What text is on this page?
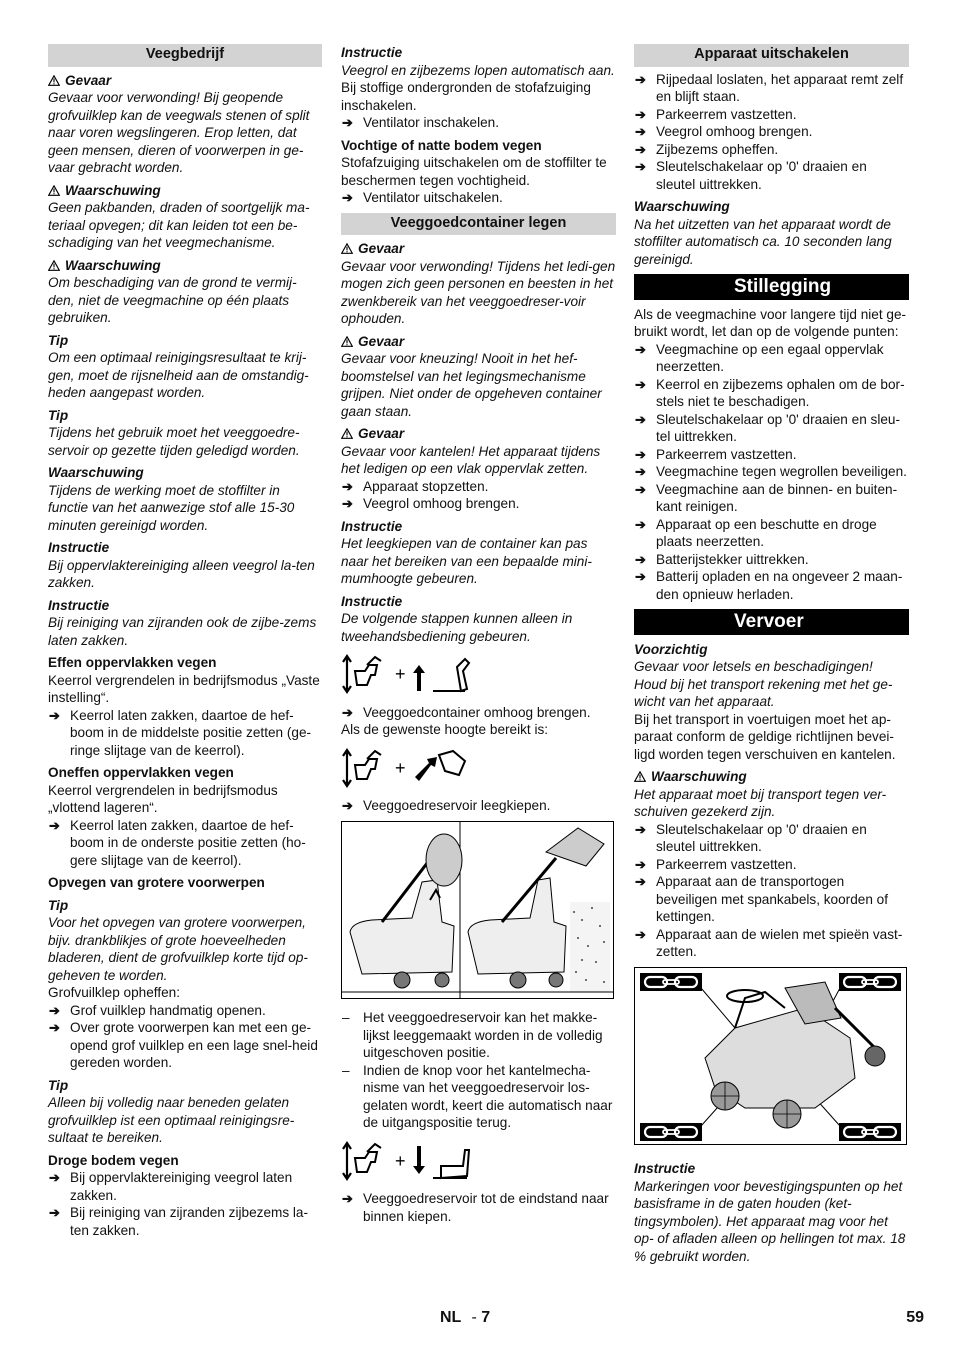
Veegbedrijf
Gevaar
Gevaar voor verwonding! Bij geopende grofvuilklep kan de veegwals stenen of split naar voren wegslingeren. Erop letten, dat geen mensen, dieren of voorwerpen in ge-vaar gebracht worden.
Waarschuwing
Geen pakbanden, draden of soortgelijk ma-teriaal opvegen; dit kan leiden tot een be-schadiging van het veegmechanisme.
Waarschuwing
Om beschadiging van de grond te vermij-den, niet de veegmachine op één plaats gebruiken.
Tip
Om een optimaal reinigingsresultaat te krij-gen, moet de rijsnelheid aan de omstandig-heden aangepast worden.
Tip
Tijdens het gebruik moet het veeggoedre-servoir op gezette tijden geledigd worden.
Waarschuwing
Tijdens de werking moet de stoffilter in functie van het aanwezige stof alle 15-30 minuten gereinigd worden.
Instructie
Bij oppervlaktereiniging alleen veegrol la-ten zakken.
Instructie
Bij reiniging van zijranden ook de zijbe-zems laten zakken.
Effen oppervlakken vegen
Keerrol vergrendelen in bedrijfsmodus „Vaste instelling“.
➔ Keerrol laten zakken, daartoe de hef-boom in de middelste positie zetten (ge-ringe slijtage van de keerrol).
Oneffen oppervlakken vegen
Keerrol vergrendelen in bedrijfsmodus „vlottend lageren“.
➔ Keerrol laten zakken, daartoe de hef-boom in de onderste positie zetten (ho-gere slijtage van de keerrol).
Opvegen van grotere voorwerpen
Tip
Voor het opvegen van grotere voorwerpen, bijv. drankblikjes of grote hoeveelheden bladeren, dient de grofvuilklep korte tijd op-geheven te worden.
Grofvuilklep opheffen:
➔ Grof vuilklep handmatig openen.
➔ Over grote voorwerpen kan met een ge-opend grof vuilklep en een lage snel-heid gereden worden.
Tip
Alleen bij volledig naar beneden gelaten grofvuilklep ist een optimaal reinigingsre-sultaat te bereiken.
Droge bodem vegen
➔ Bij oppervlaktereiniging veegrol laten zakken.
➔ Bij reiniging van zijranden zijbezems la-ten zakken.
Instructie
Veegrol en zijbezems lopen automatisch aan.
Bij stoffige ondergronden de stofafzuiging inschakelen.
➔ Ventilator inschakelen.
Vochtige of natte bodem vegen
Stofafzuiging uitschakelen om de stoffilter te beschermen tegen vochtigheid.
➔ Ventilator uitschakelen.
Veeggoedcontainer legen
Gevaar
Gevaar voor verwonding! Tijdens het ledi-gen mogen zich geen personen en beesten in het zwenkbereik van het veeggoedreser-voir ophouden.
Gevaar
Gevaar voor kneuzing! Nooit in het hef-boomstelsel van het legingsmechanisme grijpen. Niet onder de opgeheven container gaan staan.
Gevaar
Gevaar voor kantelen! Het apparaat tijdens het ledigen op een vlak oppervlak zetten.
➔ Apparaat stopzetten.
➔ Veegrol omhoog brengen.
Instructie
Het leegkiepen van de container kan pas naar het bereiken van een bepaalde mini-mumhoogte gebeuren.
Instructie
De volgende stappen kunnen alleen in tweehandsbediening gebeuren.
+
➔ Veeggoedcontainer omhoog brengen.
Als de gewenste hoogte bereikt is:
+
➔ Veeggoedreservoir leegkiepen.
– Het veeggoedreservoir kan het makke-lijkst leeggemaakt worden in de volledig uitgeschoven positie.
– Indien de knop voor het kantelmecha-nisme van het veeggoedreservoir los-gelaten wordt, keert die automatisch naar de uitgangspositie terug.
+
➔ Veeggoedreservoir tot de eindstand naar binnen kiepen.
Apparaat uitschakelen
➔ Rijpedaal loslaten, het apparaat remt zelf en blijft staan.
➔ Parkeerrem vastzetten.
➔ Veegrol omhoog brengen.
➔ Zijbezems opheffen.
➔ Sleutelschakelaar op '0' draaien en sleutel uittrekken.
Waarschuwing
Na het uitzetten van het apparaat wordt de stoffilter automatisch ca. 10 seconden lang gereinigd.
Stillegging
Als de veegmachine voor langere tijd niet ge-bruikt wordt, let dan op de volgende punten:
➔ Veegmachine op een egaal oppervlak neerzetten.
➔ Keerrol en zijbezems ophalen om de bor-stels niet te beschadigen.
➔ Sleutelschakelaar op '0' draaien en sleu-tel uittrekken.
➔ Parkeerrem vastzetten.
➔ Veegmachine tegen wegrollen beveiligen.
➔ Veegmachine aan de binnen- en buiten-kant reinigen.
➔ Apparaat op een beschutte en droge plaats neerzetten.
➔ Batterijstekker uittrekken.
➔ Batterij opladen en na ongeveer 2 maan-den opnieuw herladen.
Vervoer
Voorzichtig
Gevaar voor letsels en beschadigingen! Houd bij het transport rekening met het ge-wicht van het apparaat.
Bij het transport in voertuigen moet het ap-paraat conform de geldige richtlijnen bevei-ligd worden tegen verschuiven en kantelen.
Waarschuwing
Het apparaat moet bij transport tegen ver-schuiven gezekerd zijn.
➔ Sleutelschakelaar op '0' draaien en sleutel uittrekken.
➔ Parkeerrem vastzetten.
➔ Apparaat aan de transportogen beveiligen met spankabels, koorden of kettingen.
➔ Apparaat aan de wielen met spieën vast-zetten.
Instructie
Markeringen voor bevestigingspunten op het basisframe in de gaten houden (ket-tingsymbolen). Het apparaat mag voor het op- of afladen alleen op hellingen tot max. 18 % gebruikt worden.
NL - 7	59
